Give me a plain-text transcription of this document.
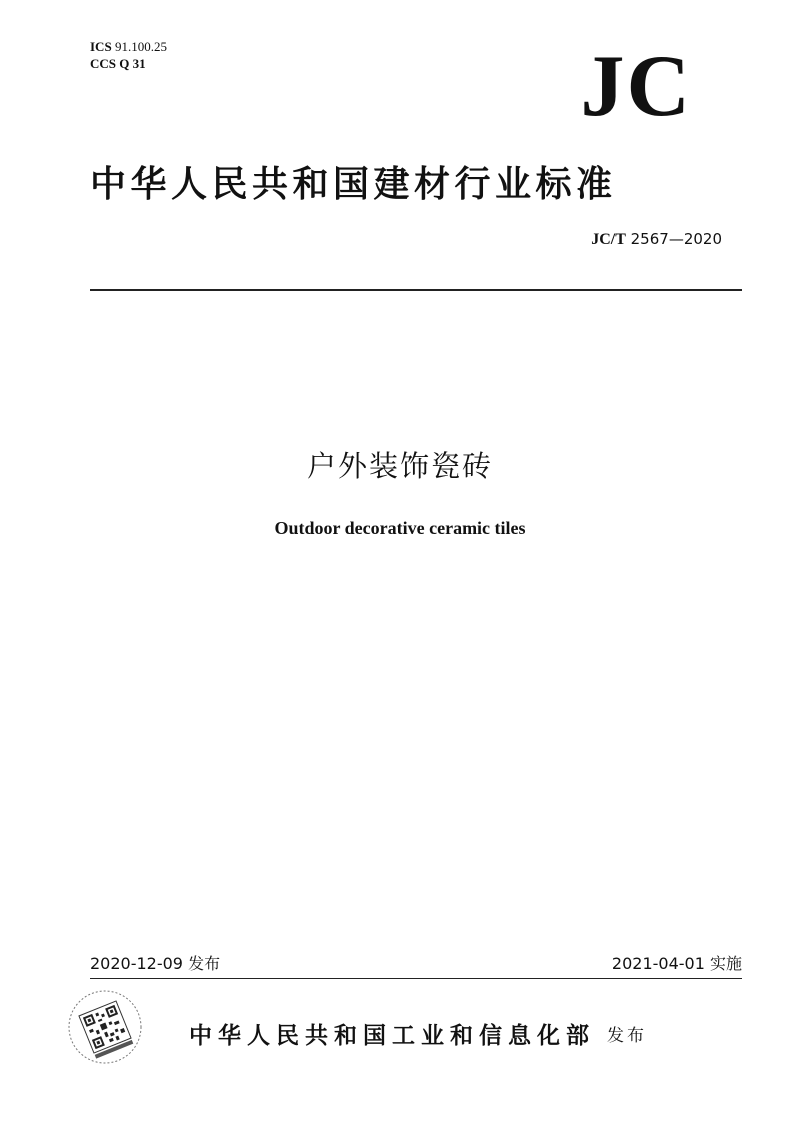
ICS 91.100.25
CCS Q 31	JC
中华人民共和国建材行业标准
JC/T 2567—2020
户外装饰瓷砖
Outdoor decorative ceramic tiles
2020-12-09 发布	2021-04-01 实施
中华人民共和国工业和信息化部 发布
